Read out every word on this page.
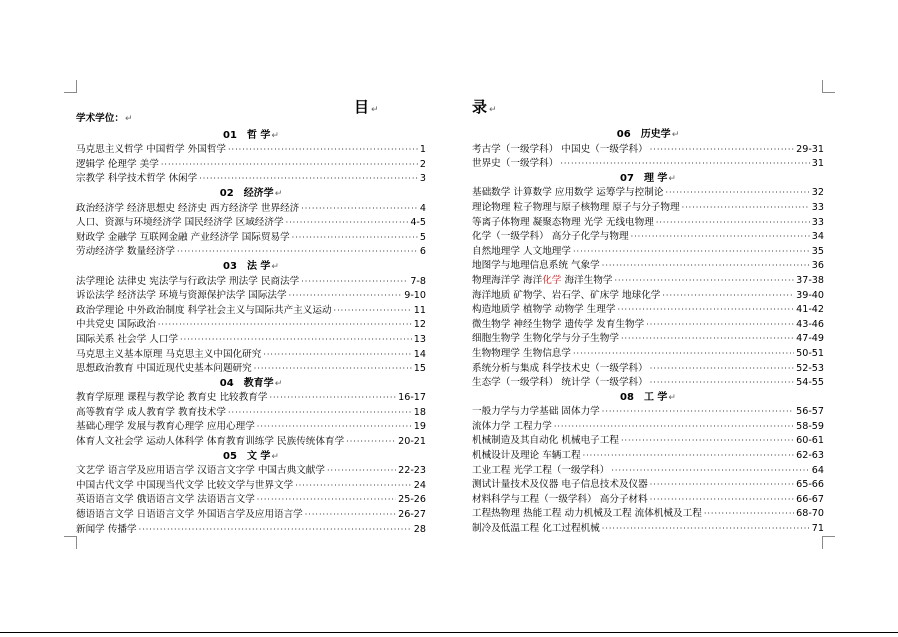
目↵	录↵
学术学位：↵
01 哲 学↵
马克思主义哲学 中国哲学 外国哲学 ·····	1
逻辑学 伦理学 美学 ·····	2
宗教学 科学技术哲学 休闲学 ·····	3
02 经济学↵
政治经济学 经济思想史 经济史 西方经济学 世界经济 ·····	4
人口、资源与环境经济学 国民经济学 区域经济学 ·····	4-5
财政学 金融学 互联网金融 产业经济学 国际贸易学 ·····	5
劳动经济学 数量经济学 ·····	6
03 法 学↵
法学理论 法律史 宪法学与行政法学 刑法学 民商法学 ·····	7-8
诉讼法学 经济法学 环境与资源保护法学 国际法学 ·····	9-10
政治学理论 中外政治制度 科学社会主义与国际共产主义运动 ·····	11
中共党史 国际政治 ·····	12
国际关系 社会学 人口学 ·····	13
马克思主义基本原理 马克思主义中国化研究 ·····	14
思想政治教育 中国近现代史基本问题研究 ·····	15
04 教育学↵
教育学原理 课程与教学论 教育史 比较教育学 ·····	16-17
高等教育学 成人教育学 教育技术学 ·····	18
基础心理学 发展与教育心理学 应用心理学 ·····	19
体育人文社会学 运动人体科学 体育教育训练学 民族传统体育学 ·····	20-21
05 文 学↵
文艺学 语言学及应用语言学 汉语言文字学 中国古典文献学 ·····	22-23
中国古代文学 中国现当代文学 比较文学与世界文学 ·····	24
英语语言文学 俄语语言文学 法语语言文学 ·····	25-26
德语语言文学 日语语言文学 外国语言学及应用语言学 ·····	26-27
新闻学 传播学 ·····	28
06 历史学↵
考古学（一级学科） 中国史（一级学科） ·····	29-31
世界史（一级学科） ·····	31
07 理 学↵
基础数学 计算数学 应用数学 运筹学与控制论 ·····	32
理论物理 粒子物理与原子核物理 原子与分子物理 ·····	33
等离子体物理 凝聚态物理 光学 无线电物理 ·····	33
化学（一级学科） 高分子化学与物理 ·····	34
自然地理学 人文地理学 ·····	35
地图学与地理信息系统 气象学 ·····	36
物理海洋学 海洋化学 海洋生物学 ·····	37-38
海洋地质 矿物学、岩石学、矿床学 地球化学 ·····	39-40
构造地质学 植物学 动物学 生理学 ·····	41-42
微生物学 神经生物学 遗传学 发育生物学 ·····	43-46
细胞生物学 生物化学与分子生物学 ·····	47-49
生物物理学 生物信息学 ·····	50-51
系统分析与集成 科学技术史（一级学科） ·····	52-53
生态学（一级学科） 统计学（一级学科） ·····	54-55
08 工 学↵
一般力学与力学基础 固体力学 ·····	56-57
流体力学 工程力学 ·····	58-59
机械制造及其自动化 机械电子工程 ·····	60-61
机械设计及理论 车辆工程 ·····	62-63
工业工程 光学工程（一级学科） ·····	64
测试计量技术及仪器 电子信息技术及仪器 ·····	65-66
材料科学与工程（一级学科） 高分子材料 ·····	66-67
工程热物理 热能工程 动力机械及工程 流体机械及工程 ·····	68-70
制冷及低温工程 化工过程机械 ·····	71
